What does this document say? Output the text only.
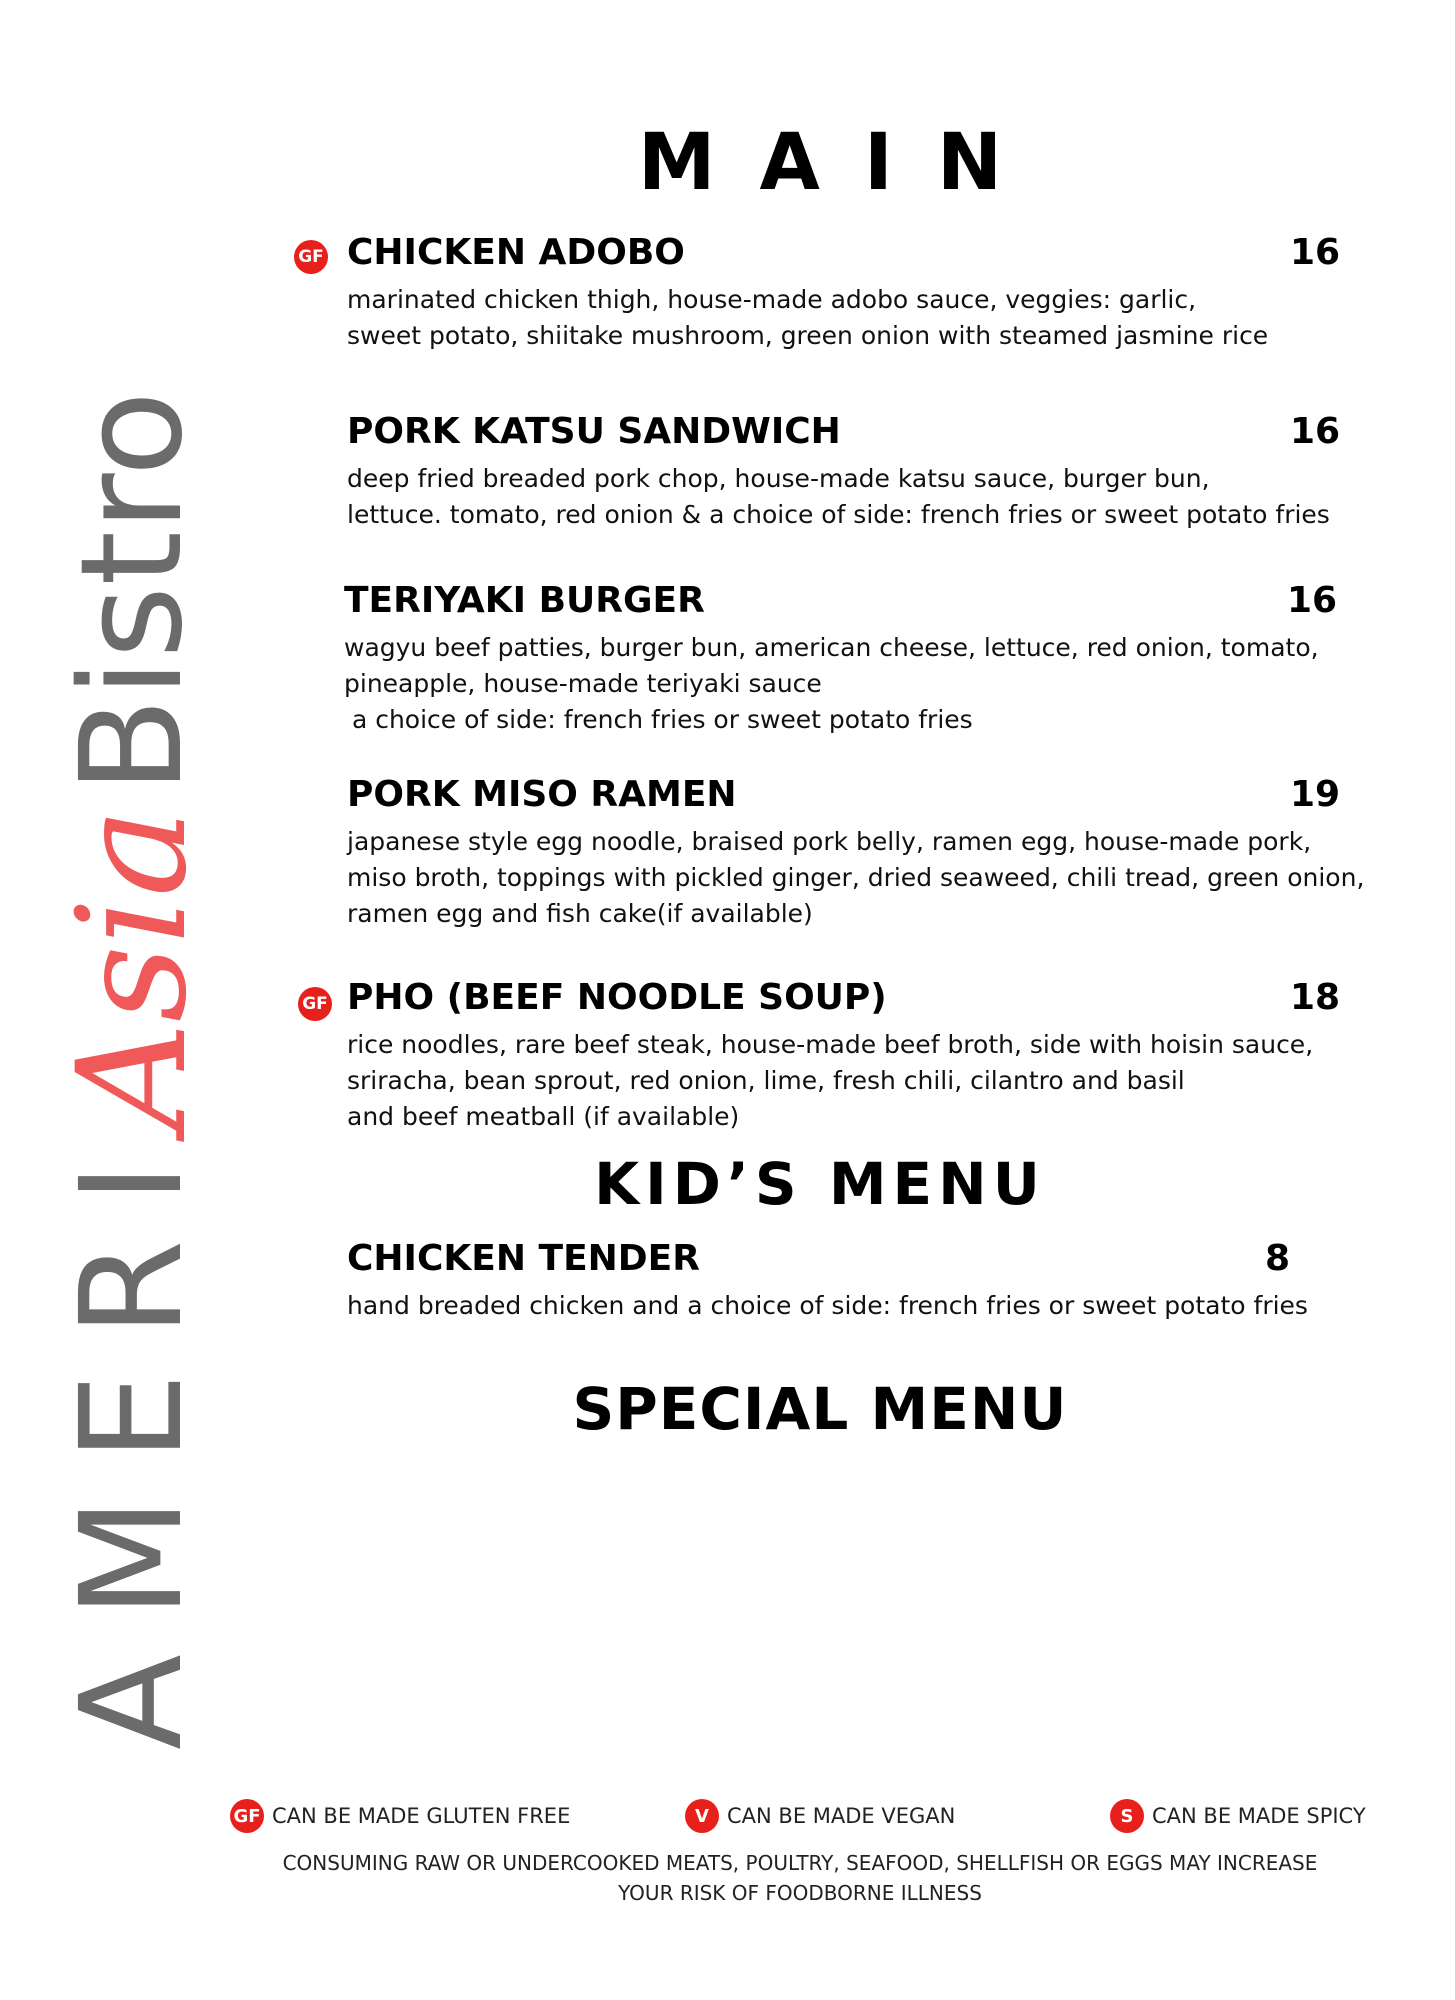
AMERI
Asia
Bistro
MAIN
GF CHICKEN ADOBO	16
marinated chicken thigh, house-made adobo sauce, veggies: garlic,
sweet potato, shiitake mushroom, green onion with steamed jasmine rice
PORK KATSU SANDWICH	16
deep fried breaded pork chop, house-made katsu sauce, burger bun,
lettuce. tomato, red onion & a choice of side: french fries or sweet potato fries
TERIYAKI BURGER	16
wagyu beef patties, burger bun, american cheese, lettuce, red onion, tomato,
pineapple, house-made teriyaki sauce
a choice of side: french fries or sweet potato fries
PORK MISO RAMEN	19
japanese style egg noodle, braised pork belly, ramen egg, house-made pork,
miso broth, toppings with pickled ginger, dried seaweed, chili tread, green onion,
ramen egg and fish cake(if available)
GF PHO (BEEF NOODLE SOUP)	18
rice noodles, rare beef steak, house-made beef broth, side with hoisin sauce,
sriracha, bean sprout, red onion, lime, fresh chili, cilantro and basil
and beef meatball (if available)
KID’S MENU
CHICKEN TENDER	8
hand breaded chicken and a choice of side: french fries or sweet potato fries
SPECIAL MENU
GF CAN BE MADE GLUTEN FREE	V CAN BE MADE VEGAN	S CAN BE MADE SPICY
CONSUMING RAW OR UNDERCOOKED MEATS, POULTRY, SEAFOOD, SHELLFISH OR EGGS MAY INCREASE
YOUR RISK OF FOODBORNE ILLNESS
